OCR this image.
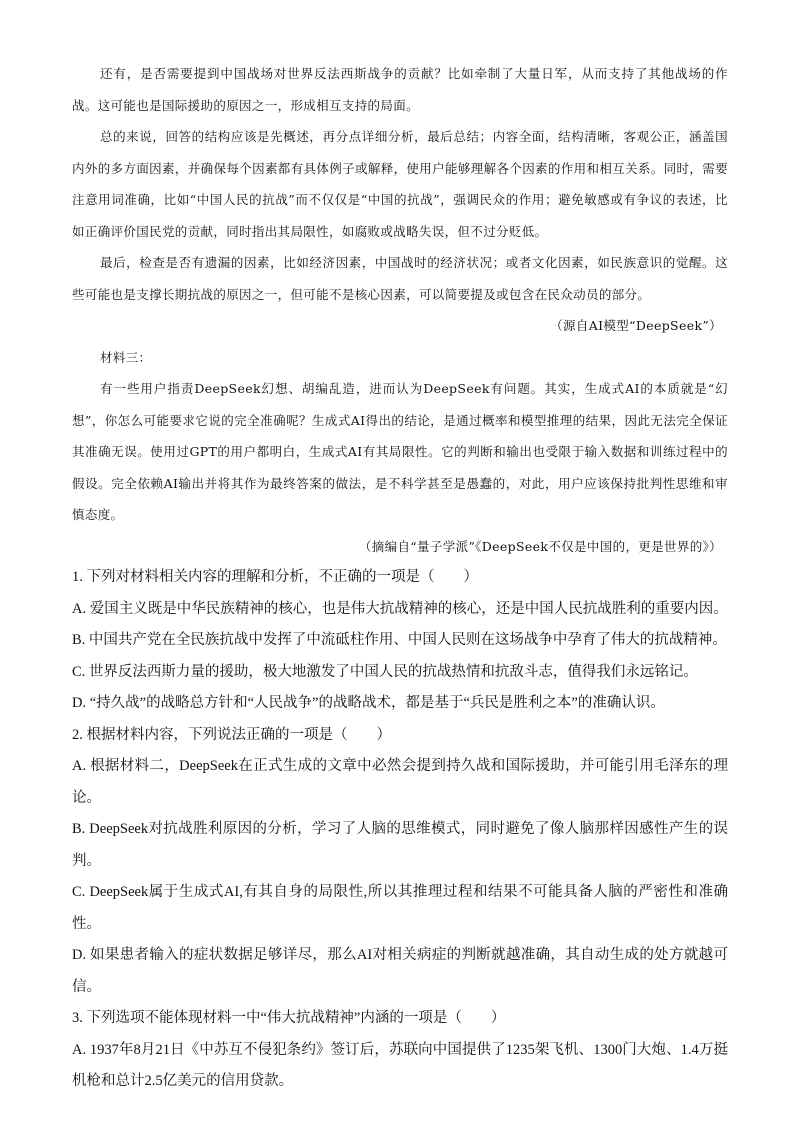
还有，是否需要提到中国战场对世界反法西斯战争的贡献？比如牵制了大量日军，从而支持了其他战场的作战。这可能也是国际援助的原因之一，形成相互支持的局面。

总的来说，回答的结构应该是先概述，再分点详细分析，最后总结；内容全面，结构清晰，客观公正，涵盖国内外的多方面因素，并确保每个因素都有具体例子或解释，使用户能够理解各个因素的作用和相互关系。同时，需要注意用词准确，比如“中国人民的抗战”而不仅仅是“中国的抗战”，强调民众的作用；避免敏感或有争议的表述，比如正确评价国民党的贡献，同时指出其局限性，如腐败或战略失误，但不过分贬低。

最后，检查是否有遗漏的因素，比如经济因素，中国战时的经济状况；或者文化因素，如民族意识的觉醒。这些可能也是支撑长期抗战的原因之一，但可能不是核心因素，可以简要提及或包含在民众动员的部分。

（源自AI模型“DeepSeek”）

材料三：

有一些用户指责DeepSeek幻想、胡编乱造，进而认为DeepSeek有问题。其实，生成式AI的本质就是“幻想”，你怎么可能要求它说的完全准确呢？生成式AI得出的结论，是通过概率和模型推理的结果，因此无法完全保证其准确无误。使用过GPT的用户都明白，生成式AI有其局限性。它的判断和输出也受限于输入数据和训练过程中的假设。完全依赖AI输出并将其作为最终答案的做法，是不科学甚至是愚蠢的，对此，用户应该保持批判性思维和审慎态度。

（摘编自“量子学派”《DeepSeek不仅是中国的，更是世界的》）

1. 下列对材料相关内容的理解和分析，不正确的一项是（　　）

A. 爱国主义既是中华民族精神的核心，也是伟大抗战精神的核心，还是中国人民抗战胜利的重要内因。

B. 中国共产党在全民族抗战中发挥了中流砥柱作用、中国人民则在这场战争中孕育了伟大的抗战精神。

C. 世界反法西斯力量的援助，极大地激发了中国人民的抗战热情和抗敌斗志，值得我们永远铭记。

D. “持久战”的战略总方针和“人民战争”的战略战术，都是基于“兵民是胜利之本”的准确认识。

2. 根据材料内容，下列说法正确的一项是（　　）

A. 根据材料二，DeepSeek在正式生成的文章中必然会提到持久战和国际援助，并可能引用毛泽东的理论。

B. DeepSeek对抗战胜利原因的分析，学习了人脑的思维模式，同时避免了像人脑那样因感性产生的误判。

C. DeepSeek属于生成式AI,有其自身的局限性,所以其推理过程和结果不可能具备人脑的严密性和准确性。

D. 如果患者输入的症状数据足够详尽，那么AI对相关病症的判断就越准确，其自动生成的处方就越可信。

3. 下列选项不能体现材料一中“伟大抗战精神”内涵的一项是（　　）

A. 1937年8月21日《中苏互不侵犯条约》签订后，苏联向中国提供了1235架飞机、1300门大炮、1.4万挺机枪和总计2.5亿美元的信用贷款。
